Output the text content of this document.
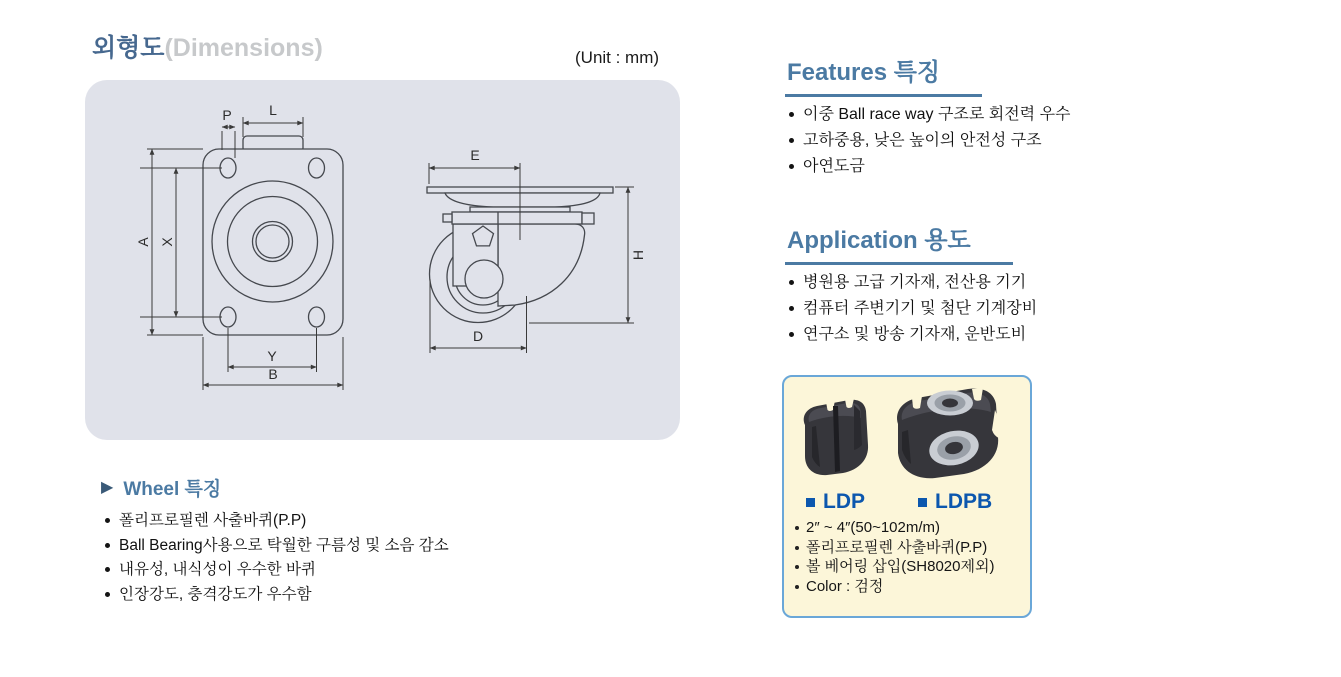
외형도(Dimensions)	(Unit : mm)
P	L
A X
Y
B
E
H
D
▶ Wheel 특징
폴리프로필렌 사출바퀴(P.P)
Ball Bearing사용으로 탁월한 구름성 및 소음 감소
내유성, 내식성이 우수한 바퀴
인장강도, 충격강도가 우수함
Features 특징
이중 Ball race way 구조로 회전력 우수
고하중용, 낮은 높이의 안전성 구조
아연도금
Application 용도
병원용 고급 기자재, 전산용 기기
컴퓨터 주변기기 및 첨단 기계장비
연구소 및 방송 기자재, 운반도비
LDP	LDPB
2″ ~ 4″(50~102m/m)
폴리프로필렌 사출바퀴(P.P)
볼 베어링 삽입(SH8020제외)
Color : 검정
